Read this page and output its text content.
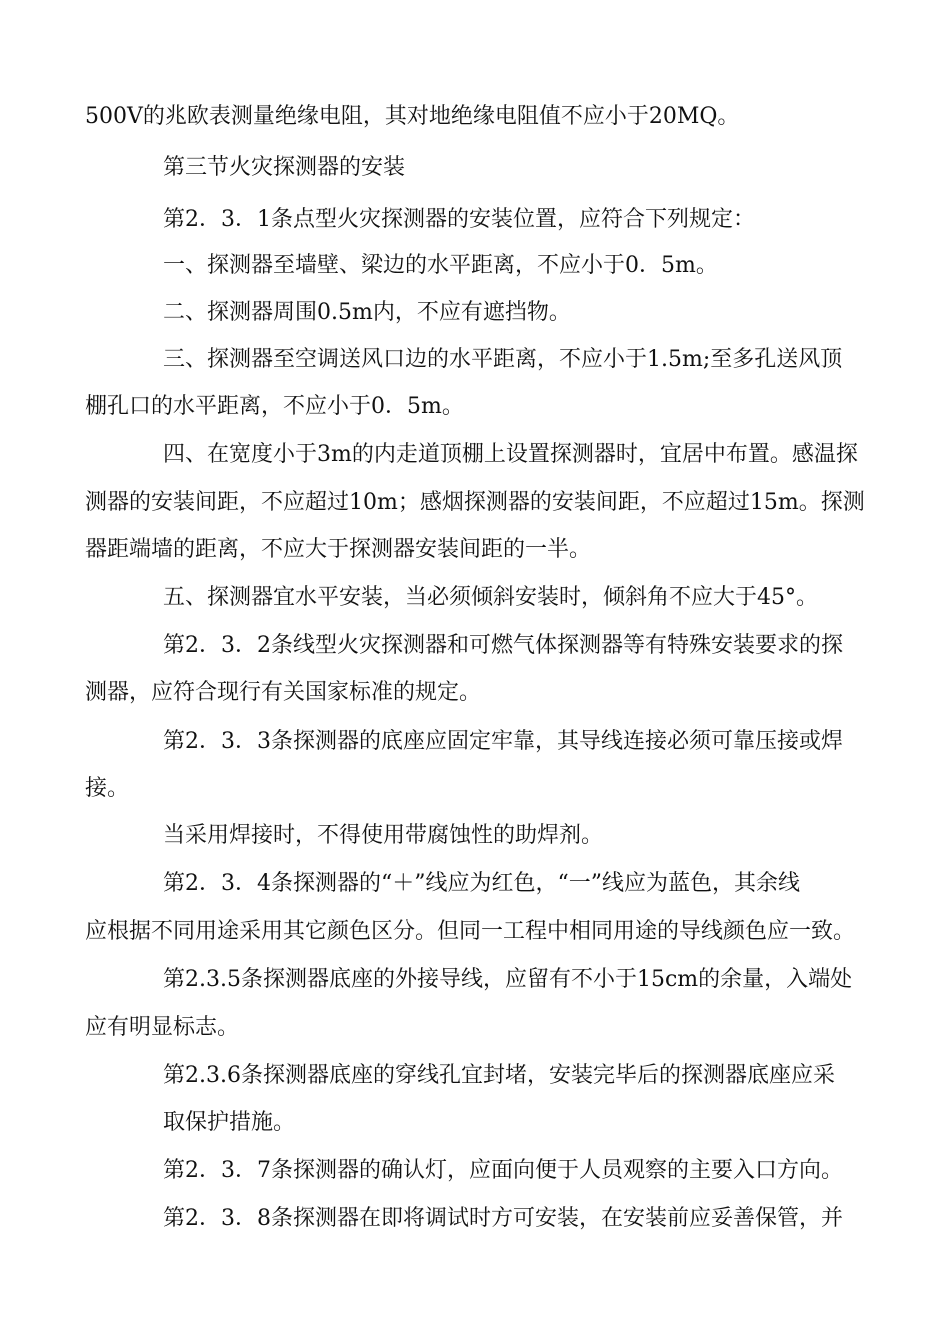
500V的兆欧表测量绝缘电阻，其对地绝缘电阻值不应小于20MQ。
第三节火灾探测器的安装
第2．3．1条点型火灾探测器的安装位置，应符合下列规定：
一、探测器至墙壁、梁边的水平距离，不应小于0．5m。
二、探测器周围0.5m内，不应有遮挡物。
三、探测器至空调送风口边的水平距离，不应小于1.5m;至多孔送风顶
棚孔口的水平距离，不应小于0．5m。
四、在宽度小于3m的内走道顶棚上设置探测器时，宜居中布置。感温探
测器的安装间距，不应超过10m；感烟探测器的安装间距，不应超过15m。探测
器距端墙的距离，不应大于探测器安装间距的一半。
五、探测器宜水平安装，当必须倾斜安装时，倾斜角不应大于45°。
第2．3．2条线型火灾探测器和可燃气体探测器等有特殊安装要求的探
测器，应符合现行有关国家标准的规定。
第2．3．3条探测器的底座应固定牢靠，其导线连接必须可靠压接或焊
接。
当采用焊接时，不得使用带腐蚀性的助焊剂。
第2．3．4条探测器的“＋”线应为红色，“一”线应为蓝色，其余线
应根据不同用途采用其它颜色区分。但同一工程中相同用途的导线颜色应一致。
第2.3.5条探测器底座的外接导线，应留有不小于15cm的余量，入端处
应有明显标志。
第2.3.6条探测器底座的穿线孔宜封堵，安装完毕后的探测器底座应采
取保护措施。
第2．3．7条探测器的确认灯，应面向便于人员观察的主要入口方向。
第2．3．8条探测器在即将调试时方可安装，在安装前应妥善保管，并
